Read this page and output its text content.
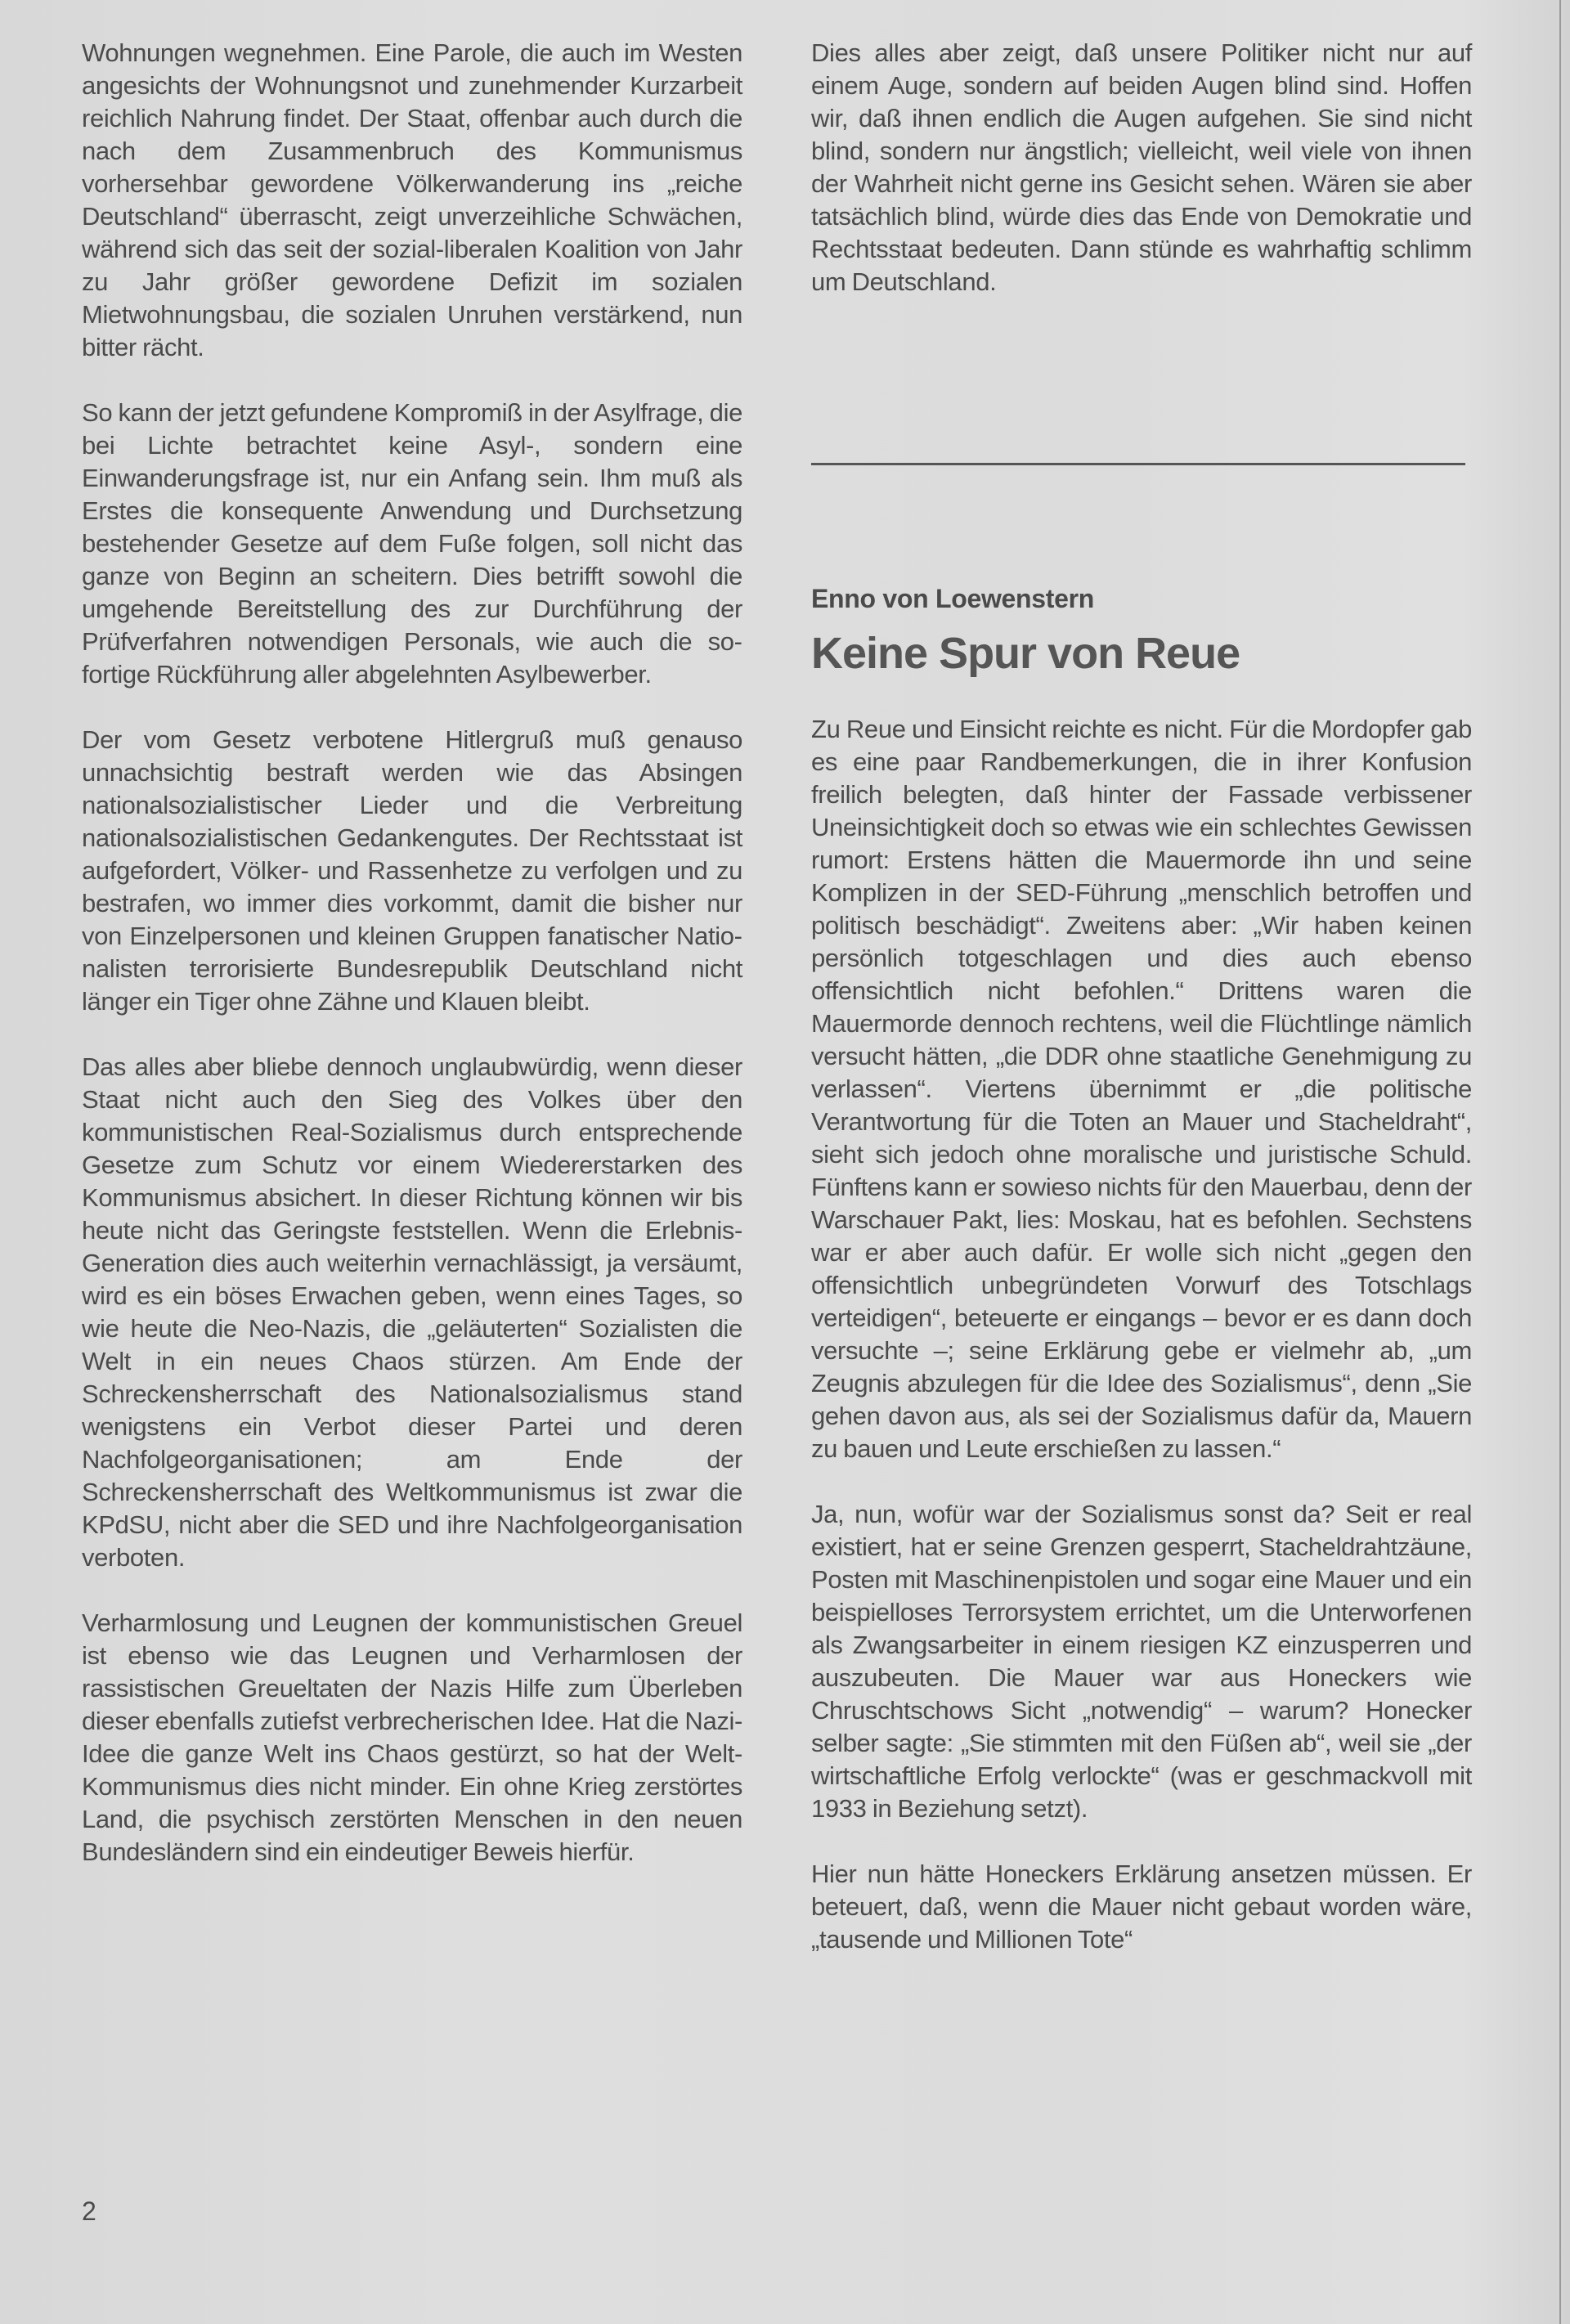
Wohnungen wegnehmen. Eine Parole, die auch im Westen angesichts der Wohnungsnot und zunehmender Kurzarbeit reichlich Nahrung findet. Der Staat, offenbar auch durch die nach dem Zusammenbruch des Kommunismus vorhersehbar gewordene Völkerwanderung ins „reiche Deutschland“ überrascht, zeigt unverzeihliche Schwächen, während sich das seit der sozial-liberalen Koalition von Jahr zu Jahr größer gewordene Defizit im sozialen Mietwohnungsbau, die sozialen Unruhen verstärkend, nun bitter rächt.

So kann der jetzt gefundene Kompromiß in der Asylfrage, die bei Lichte betrachtet keine Asyl-, sondern eine Einwanderungsfrage ist, nur ein Anfang sein. Ihm muß als Erstes die konsequente Anwendung und Durchsetzung bestehender Gesetze auf dem Fuße folgen, soll nicht das ganze von Beginn an scheitern. Dies betrifft sowohl die umgehende Bereitstellung des zur Durchführung der Prüfverfahren notwendigen Personals, wie auch die sofortige Rückführung aller abgelehnten Asylbewerber.

Der vom Gesetz verbotene Hitlergruß muß genauso unnachsichtig bestraft werden wie das Absingen nationalsozialistischer Lieder und die Verbreitung nationalsozialistischen Gedankengutes. Der Rechtsstaat ist aufgefordert, Völker- und Rassenhetze zu verfolgen und zu bestrafen, wo immer dies vorkommt, damit die bisher nur von Einzelpersonen und kleinen Gruppen fanatischer Nationalisten terrorisierte Bundesrepublik Deutschland nicht länger ein Tiger ohne Zähne und Klauen bleibt.

Das alles aber bliebe dennoch unglaubwürdig, wenn dieser Staat nicht auch den Sieg des Volkes über den kommunistischen Real-Sozialismus durch entsprechende Gesetze zum Schutz vor einem Wiedererstarken des Kommunismus absichert. In dieser Richtung können wir bis heute nicht das Geringste feststellen. Wenn die Erlebnis-Generation dies auch weiterhin vernachlässigt, ja versäumt, wird es ein böses Erwachen geben, wenn eines Tages, so wie heute die Neo-Nazis, die „geläuterten“ Sozialisten die Welt in ein neues Chaos stürzen. Am Ende der Schreckensherrschaft des Nationalsozialismus stand wenigstens ein Verbot dieser Partei und deren Nachfolgeorganisationen; am Ende der Schreckensherrschaft des Weltkommunismus ist zwar die KPdSU, nicht aber die SED und ihre Nachfolgeorganisation verboten.

Verharmlosung und Leugnen der kommunistischen Greuel ist ebenso wie das Leugnen und Verharmlosen der rassistischen Greueltaten der Nazis Hilfe zum Überleben dieser ebenfalls zutiefst verbrecherischen Idee. Hat die Nazi-Idee die ganze Welt ins Chaos gestürzt, so hat der Welt-Kommunismus dies nicht minder. Ein ohne Krieg zerstörtes Land, die psychisch zerstörten Menschen in den neuen Bundesländern sind ein eindeutiger Beweis hierfür.

Dies alles aber zeigt, daß unsere Politiker nicht nur auf einem Auge, sondern auf beiden Augen blind sind. Hoffen wir, daß ihnen endlich die Augen aufgehen. Sie sind nicht blind, sondern nur ängstlich; vielleicht, weil viele von ihnen der Wahrheit nicht gerne ins Gesicht sehen. Wären sie aber tatsächlich blind, würde dies das Ende von Demokratie und Rechtsstaat bedeuten. Dann stünde es wahrhaftig schlimm um Deutschland.

Enno von Loewenstern
Keine Spur von Reue

Zu Reue und Einsicht reichte es nicht. Für die Mordopfer gab es eine paar Randbemerkungen, die in ihrer Konfusion freilich belegten, daß hinter der Fassade verbissener Uneinsichtigkeit doch so etwas wie ein schlechtes Gewissen rumort: Erstens hätten die Mauermorde ihn und seine Komplizen in der SED-Führung „menschlich betroffen und politisch beschädigt“. Zweitens aber: „Wir haben keinen persönlich totgeschlagen und dies auch ebenso offensichtlich nicht befohlen.“ Drittens waren die Mauermorde dennoch rechtens, weil die Flüchtlinge nämlich versucht hätten, „die DDR ohne staatliche Genehmigung zu verlassen“. Viertens übernimmt er „die politische Verantwortung für die Toten an Mauer und Stacheldraht“, sieht sich jedoch ohne moralische und juristische Schuld. Fünftens kann er sowieso nichts für den Mauerbau, denn der Warschauer Pakt, lies: Moskau, hat es befohlen. Sechstens war er aber auch dafür. Er wolle sich nicht „gegen den offensichtlich unbegründeten Vorwurf des Totschlags verteidigen“, beteuerte er eingangs – bevor er es dann doch versuchte –; seine Erklärung gebe er vielmehr ab, „um Zeugnis abzulegen für die Idee des Sozialismus“, denn „Sie gehen davon aus, als sei der Sozialismus dafür da, Mauern zu bauen und Leute erschießen zu lassen.“

Ja, nun, wofür war der Sozialismus sonst da? Seit er real existiert, hat er seine Grenzen gesperrt, Stacheldrahtzäune, Posten mit Maschinenpistolen und sogar eine Mauer und ein beispielloses Terrorsystem errichtet, um die Unterworfenen als Zwangsarbeiter in einem riesigen KZ einzusperren und auszubeuten. Die Mauer war aus Honeckers wie Chruschtschows Sicht „notwendig“ – warum? Honecker selber sagte: „Sie stimmten mit den Füßen ab“, weil sie „der wirtschaftliche Erfolg verlockte“ (was er geschmackvoll mit 1933 in Beziehung setzt).

Hier nun hätte Honeckers Erklärung ansetzen müssen. Er beteuert, daß, wenn die Mauer nicht gebaut worden wäre, „tausende und Millionen Tote“

2
